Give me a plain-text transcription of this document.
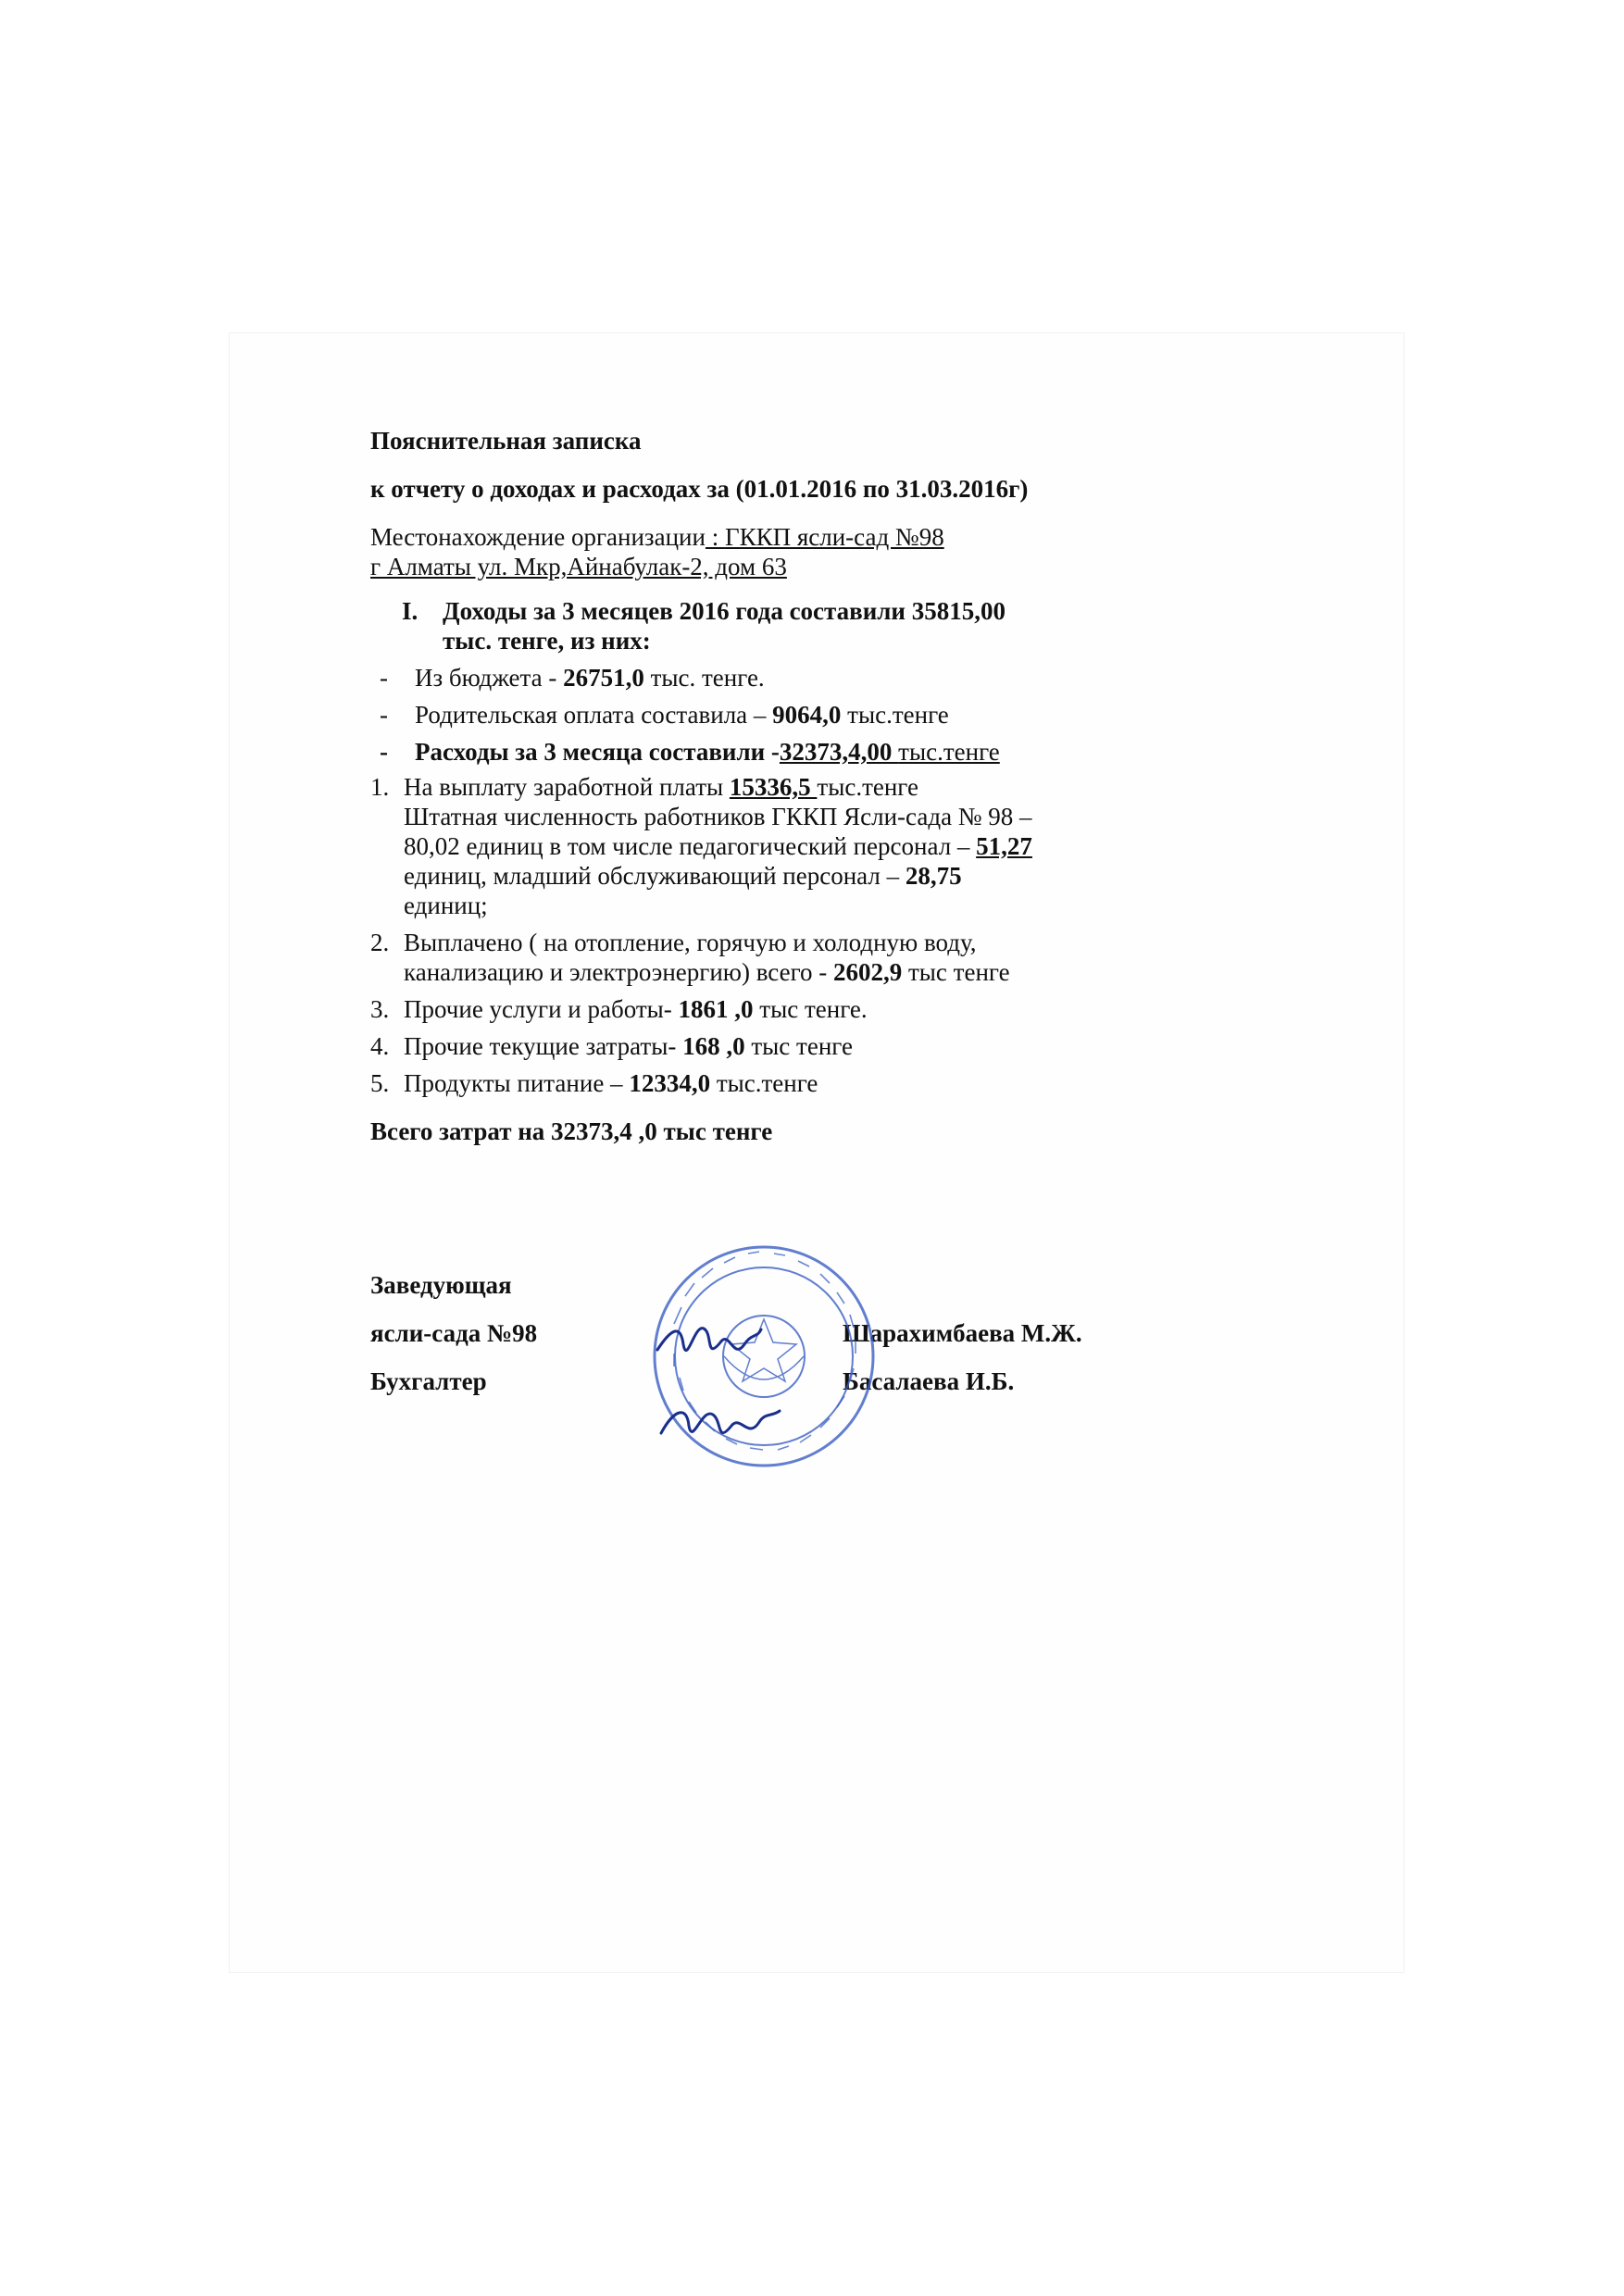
Пояснительная записка
к отчету о доходах и расходах за (01.01.2016 по 31.03.2016г)
Местонахождение организации : ГККП ясли-сад №98
г Алматы ул. Мкр,Айнабулак-2, дом 63
I. Доходы за 3 месяцев 2016 года составили 35815,00
тыс. тенге, из них:
- Из бюджета - 26751,0 тыс. тенге.
- Родительская оплата составила – 9064,0 тыс.тенге
- Расходы за 3 месяца составили -32373,4,00 тыс.тенге
1. На выплату заработной платы 15336,5 тыс.тенге
Штатная численность работников ГККП Ясли-сада № 98 –
80,02 единиц в том числе педагогический персонал – 51,27
единиц, младший обслуживающий персонал – 28,75
единиц;
2. Выплачено ( на отопление, горячую и холодную воду,
канализацию и электроэнергию) всего - 2602,9 тыс тенге
3. Прочие услуги и работы- 1861 ,0 тыс тенге.
4. Прочие текущие затраты- 168 ,0 тыс тенге
5. Продукты питание – 12334,0 тыс.тенге
Всего затрат на 32373,4 ,0 тыс тенге
Заведующая
ясли-сада №98	Шарахимбаева М.Ж.
Бухгалтер	Басалаева И.Б.
